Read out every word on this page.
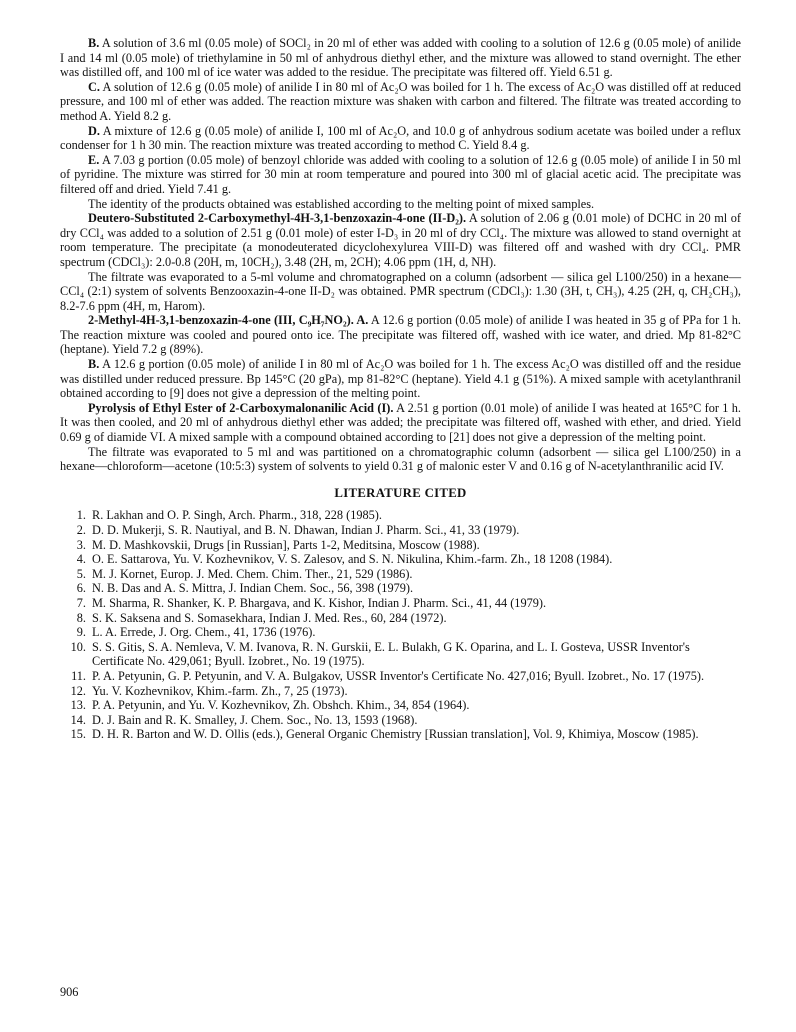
B. A solution of 3.6 ml (0.05 mole) of SOCl₂ in 20 ml of ether was added with cooling to a solution of 12.6 g (0.05 mole) of anilide I and 14 ml (0.05 mole) of triethylamine in 50 ml of anhydrous diethyl ether, and the mixture was allowed to stand overnight. The ether was distilled off, and 100 ml of ice water was added to the residue. The precipitate was filtered off. Yield 6.51 g.

C. A solution of 12.6 g (0.05 mole) of anilide I in 80 ml of Ac₂O was boiled for 1 h. The excess of Ac₂O was distilled off at reduced pressure, and 100 ml of ether was added. The reaction mixture was shaken with carbon and filtered. The filtrate was treated according to method A. Yield 8.2 g.

D. A mixture of 12.6 g (0.05 mole) of anilide I, 100 ml of Ac₂O, and 10.0 g of anhydrous sodium acetate was boiled under a reflux condenser for 1 h 30 min. The reaction mixture was treated according to method C. Yield 8.4 g.

E. A 7.03 g portion (0.05 mole) of benzoyl chloride was added with cooling to a solution of 12.6 g (0.05 mole) of anilide I in 50 ml of pyridine. The mixture was stirred for 30 min at room temperature and poured into 300 ml of glacial acetic acid. The precipitate was filtered off and dried. Yield 7.41 g.

The identity of the products obtained was established according to the melting point of mixed samples.

Deutero-Substituted 2-Carboxymethyl-4H-3,1-benzoxazin-4-one (II-D₂). A solution of 2.06 g (0.01 mole) of DCHC in 20 ml of dry CCl₄ was added to a solution of 2.51 g (0.01 mole) of ester I-D₃ in 20 ml of dry CCl₄. The mixture was allowed to stand overnight at room temperature. The precipitate (a monodeuterated dicyclohexylurea VIII-D) was filtered off and washed with dry CCl₄. PMR spectrum (CDCl₃): 2.0-0.8 (20H, m, 10CH₂), 3.48 (2H, m, 2CH); 4.06 ppm (1H, d, NH).

The filtrate was evaporated to a 5-ml volume and chromatographed on a column (adsorbent — silica gel L100/250) in a hexane—CCl₄ (2:1) system of solvents Benzooxazin-4-one II-D₂ was obtained. PMR spectrum (CDCl₃): 1.30 (3H, t, CH₃), 4.25 (2H, q, CH₂CH₃), 8.2-7.6 ppm (4H, m, Harom).

2-Methyl-4H-3,1-benzoxazin-4-one (III, C₉H₇NO₂). A. A 12.6 g portion (0.05 mole) of anilide I was heated in 35 g of PPa for 1 h. The reaction mixture was cooled and poured onto ice. The precipitate was filtered off, washed with ice water, and dried. Mp 81-82°C (heptane). Yield 7.2 g (89%).

B. A 12.6 g portion (0.05 mole) of anilide I in 80 ml of Ac₂O was boiled for 1 h. The excess Ac₂O was distilled off and the residue was distilled under reduced pressure. Bp 145°C (20 gPa), mp 81-82°C (heptane). Yield 4.1 g (51%). A mixed sample with acetylanthranil obtained according to [9] does not give a depression of the melting point.

Pyrolysis of Ethyl Ester of 2-Carboxymalonanilic Acid (I). A 2.51 g portion (0.01 mole) of anilide I was heated at 165°C for 1 h. It was then cooled, and 20 ml of anhydrous diethyl ether was added; the precipitate was filtered off, washed with ether, and dried. Yield 0.69 g of diamide VI. A mixed sample with a compound obtained according to [21] does not give a depression of the melting point.

The filtrate was evaporated to 5 ml and was partitioned on a chromatographic column (adsorbent — silica gel L100/250) in a hexane—chloroform—acetone (10:5:3) system of solvents to yield 0.31 g of malonic ester V and 0.16 g of N-acetylanthranilic acid IV.

LITERATURE CITED
1. R. Lakhan and O. P. Singh, Arch. Pharm., 318, 228 (1985).
2. D. D. Mukerji, S. R. Nautiyal, and B. N. Dhawan, Indian J. Pharm. Sci., 41, 33 (1979).
3. M. D. Mashkovskii, Drugs [in Russian], Parts 1-2, Meditsina, Moscow (1988).
4. O. E. Sattarova, Yu. V. Kozhevnikov, V. S. Zalesov, and S. N. Nikulina, Khim.-farm. Zh., 18 1208 (1984).
5. M. J. Kornet, Europ. J. Med. Chem. Chim. Ther., 21, 529 (1986).
6. N. B. Das and A. S. Mittra, J. Indian Chem. Soc., 56, 398 (1979).
7. M. Sharma, R. Shanker, K. P. Bhargava, and K. Kishor, Indian J. Pharm. Sci., 41, 44 (1979).
8. S. K. Saksena and S. Somasekhara, Indian J. Med. Res., 60, 284 (1972).
9. L. A. Errede, J. Org. Chem., 41, 1736 (1976).
10. S. S. Gitis, S. A. Nemleva, V. M. Ivanova, R. N. Gurskii, E. L. Bulakh, G K. Oparina, and L. I. Gosteva, USSR Inventor's Certificate No. 429,061; Byull. Izobret., No. 19 (1975).
11. P. A. Petyunin, G. P. Petyunin, and V. A. Bulgakov, USSR Inventor's Certificate No. 427,016; Byull. Izobret., No. 17 (1975).
12. Yu. V. Kozhevnikov, Khim.-farm. Zh., 7, 25 (1973).
13. P. A. Petyunin, and Yu. V. Kozhevnikov, Zh. Obshch. Khim., 34, 854 (1964).
14. D. J. Bain and R. K. Smalley, J. Chem. Soc., No. 13, 1593 (1968).
15. D. H. R. Barton and W. D. Ollis (eds.), General Organic Chemistry [Russian translation], Vol. 9, Khimiya, Moscow (1985).
906
